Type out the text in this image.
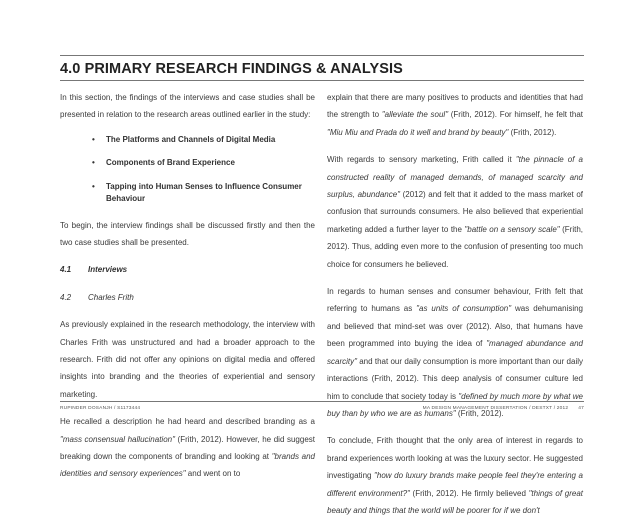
4.0 PRIMARY RESEARCH FINDINGS & ANALYSIS

In this section, the findings of the interviews and case studies shall be presented in relation to the research areas outlined earlier in the study:

• The Platforms and Channels of Digital Media
• Components of Brand Experience
• Tapping into Human Senses to Influence Consumer Behaviour

To begin, the interview findings shall be discussed firstly and then the two case studies shall be presented.

4.1	Interviews
4.2	Charles Frith

As previously explained in the research methodology, the interview with Charles Frith was unstructured and had a broader approach to the research. Frith did not offer any opinions on digital media and offered insights into branding and the theories of experiential and sensory marketing.

He recalled a description he had heard and described branding as a "mass consensual hallucination" (Frith, 2012). However, he did suggest breaking down the components of branding and looking at "brands and identities and sensory experiences" and went on to

explain that there are many positives to products and identities that had the strength to "alleviate the soul" (Frith, 2012). For himself, he felt that "Miu Miu and Prada do it well and brand by beauty" (Frith, 2012).

With regards to sensory marketing, Frith called it "the pinnacle of a constructed reality of managed demands, of managed scarcity and surplus, abundance" (2012) and felt that it added to the mass market of confusion that surrounds consumers. He also believed that experiential marketing added a further layer to the "battle on a sensory scale" (Frith, 2012). Thus, adding even more to the confusion of presenting too much choice for consumers he believed.

In regards to human senses and consumer behaviour, Frith felt that referring to humans as "as units of consumption" was dehumanising and believed that mind-set was over (2012). Also, that humans have been programmed into buying the idea of "managed abundance and scarcity" and that our daily consumption is more important than our daily interactions (Frith, 2012). This deep analysis of consumer culture led him to conclude that society today is "defined by much more by what we buy than by who we are as humans" (Frith, 2012).

To conclude, Frith thought that the only area of interest in regards to brand experiences worth looking at was the luxury sector. He suggested investigating "how do luxury brands make people feel they're entering a different environment?" (Frith, 2012). He firmly believed "things of great beauty and things that the world will be poorer for if we don't

RUPINDER DOSANJH / S1173444	MA DESIGN MANAGEMENT DISSERTATION / DESTXT / 2012 47
